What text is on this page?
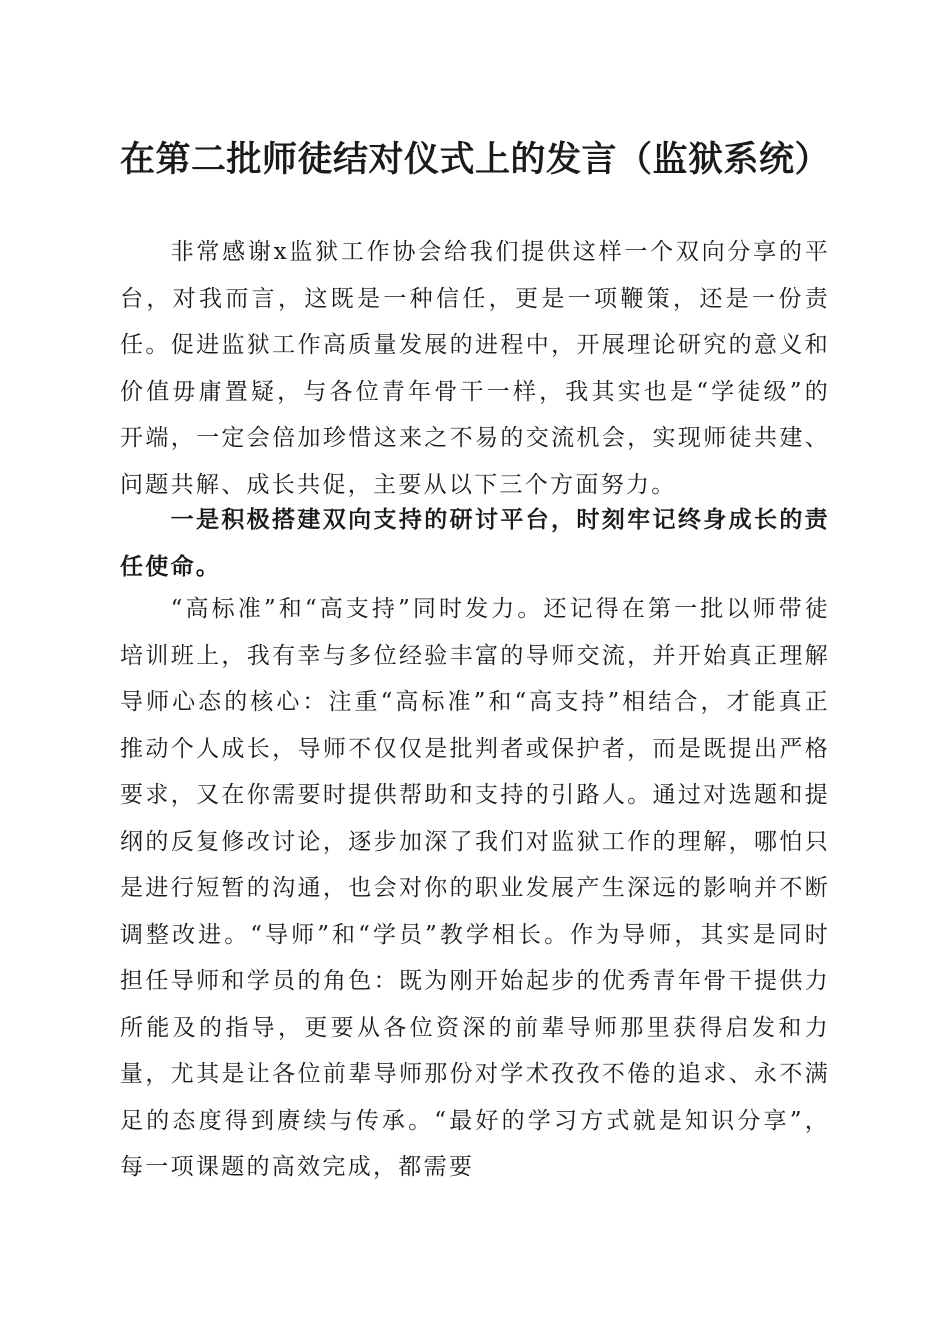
在第二批师徒结对仪式上的发言（监狱系统）

非常感谢x监狱工作协会给我们提供这样一个双向分享的平台，对我而言，这既是一种信任，更是一项鞭策，还是一份责任。促进监狱工作高质量发展的进程中，开展理论研究的意义和价值毋庸置疑，与各位青年骨干一样，我其实也是“学徒级”的开端，一定会倍加珍惜这来之不易的交流机会，实现师徒共建、问题共解、成长共促，主要从以下三个方面努力。

一是积极搭建双向支持的研讨平台，时刻牢记终身成长的责任使命。

“高标准”和“高支持”同时发力。还记得在第一批以师带徒培训班上，我有幸与多位经验丰富的导师交流，并开始真正理解导师心态的核心：注重“高标准”和“高支持”相结合，才能真正推动个人成长，导师不仅仅是批判者或保护者，而是既提出严格要求，又在你需要时提供帮助和支持的引路人。通过对选题和提纲的反复修改讨论，逐步加深了我们对监狱工作的理解，哪怕只是进行短暂的沟通，也会对你的职业发展产生深远的影响并不断调整改进。“导师”和“学员”教学相长。作为导师，其实是同时担任导师和学员的角色：既为刚开始起步的优秀青年骨干提供力所能及的指导，更要从各位资深的前辈导师那里获得启发和力量，尤其是让各位前辈导师那份对学术孜孜不倦的追求、永不满足的态度得到赓续与传承。“最好的学习方式就是知识分享”，每一项课题的高效完成，都需要
